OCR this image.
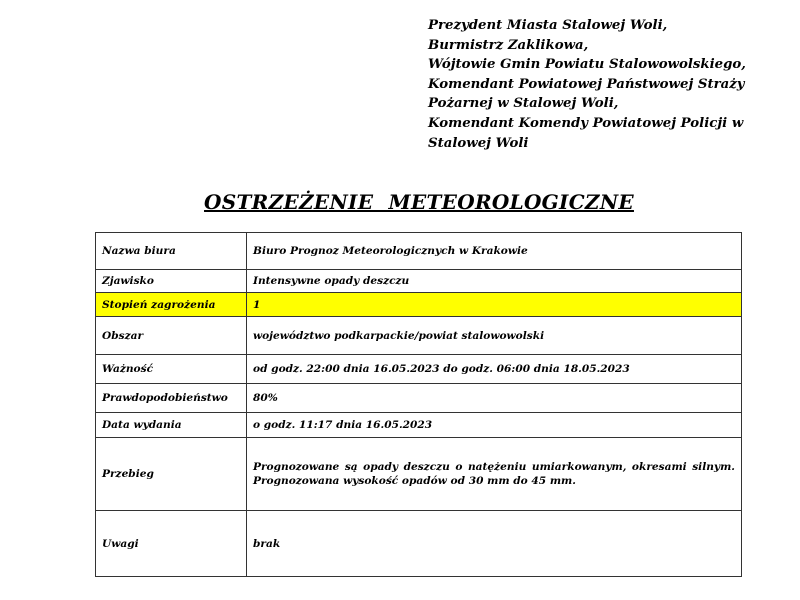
Prezydent Miasta Stalowej Woli,
Burmistrz Zaklikowa,
Wójtowie Gmin Powiatu Stalowowolskiego,
Komendant Powiatowej Państwowej Straży
Pożarnej w Stalowej Woli,
Komendant Komendy Powiatowej Policji w
Stalowej Woli
OSTRZEŻENIE METEOROLOGICZNE
Nazwa biura	Biuro Prognoz Meteorologicznych w Krakowie
Zjawisko	Intensywne opady deszczu
Stopień zagrożenia	1
Obszar	województwo podkarpackie/powiat stalowowolski
Ważność	od godz. 22:00 dnia 16.05.2023 do godz. 06:00 dnia 18.05.2023
Prawdopodobieństwo	80%
Data wydania	o godz. 11:17 dnia 16.05.2023
Przebieg	Prognozowane są opady deszczu o natężeniu umiarkowanym, okresami silnym. Prognozowana wysokość opadów od 30 mm do 45 mm.
Uwagi	brak
